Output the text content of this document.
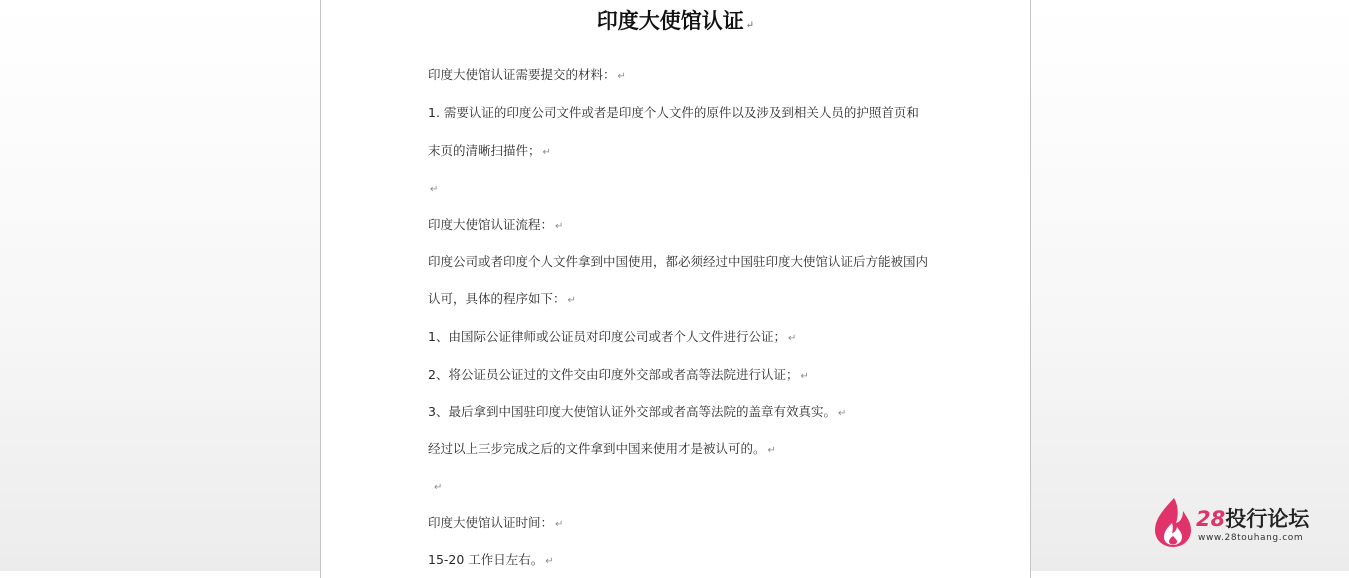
印度大使馆认证 ↵
印度大使馆认证需要提交的材料： ↵
1. 需要认证的印度公司文件或者是印度个人文件的原件以及涉及到相关人员的护照首页和
末页的清晰扫描件； ↵
↵
印度大使馆认证流程： ↵
印度公司或者印度个人文件拿到中国使用，都必须经过中国驻印度大使馆认证后方能被国内
认可，具体的程序如下： ↵
1、由国际公证律师或公证员对印度公司或者个人文件进行公证； ↵
2、将公证员公证过的文件交由印度外交部或者高等法院进行认证； ↵
3、最后拿到中国驻印度大使馆认证外交部或者高等法院的盖章有效真实。 ↵
经过以上三步完成之后的文件拿到中国来使用才是被认可的。 ↵
↵
印度大使馆认证时间： ↵
15-20 工作日左右。 ↵
28投行论坛
www.28touhang.com
